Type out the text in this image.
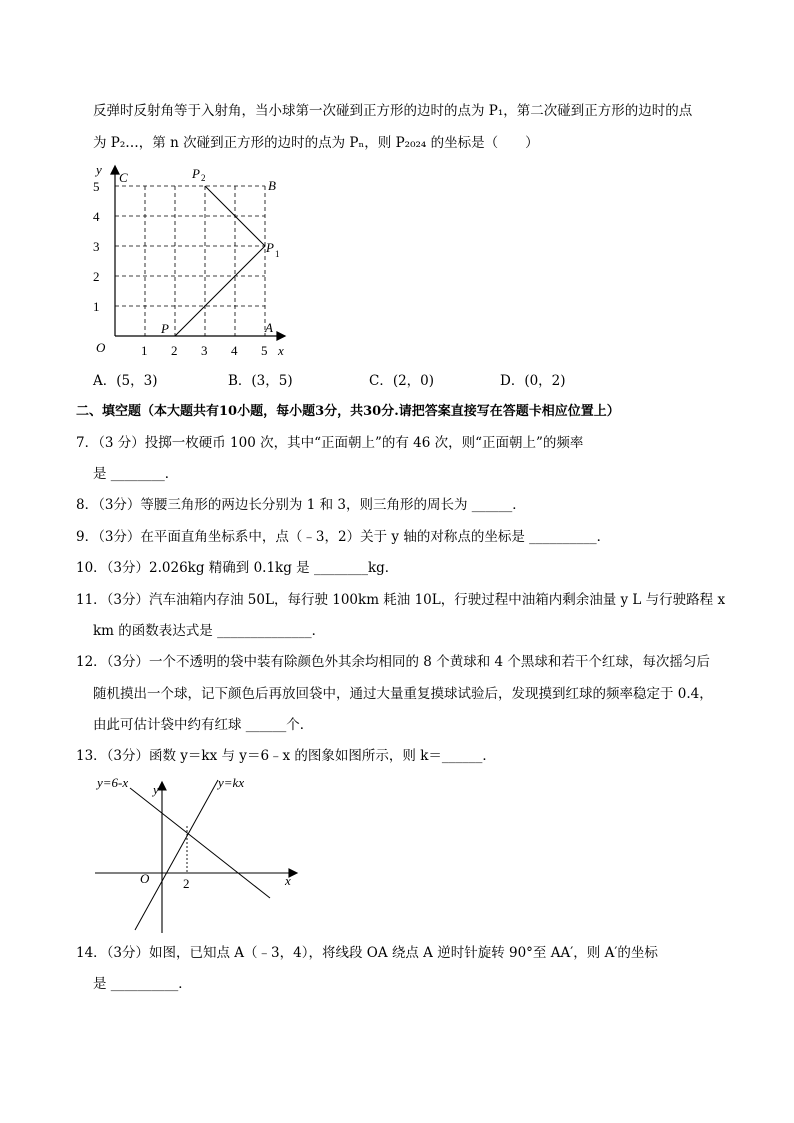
反弹时反射角等于入射角，当小球第一次碰到正方形的边时的点为 P₁，第二次碰到正方形的边时的点
为 P₂…，第 n 次碰到正方形的边时的点为 Pₙ，则 P₂₀₂₄ 的坐标是（　　）
y
x
O
C
B
A
P
P
P
1
2
5
4
3
2
1
1 2 3 4 5
A．(5，3)	B．(3，5)	C．(2，0)	D．(0，2)
二、填空题（本大题共有10小题，每小题3分，共30分.请把答案直接写在答题卡相应位置上）
7．（3 分）投掷一枚硬币 100 次，其中“正面朝上”的有 46 次，则“正面朝上”的频率
是 ________．
8．（3分）等腰三角形的两边长分别为 1 和 3，则三角形的周长为 ______．
9．（3分）在平面直角坐标系中，点（﹣3，2）关于 y 轴的对称点的坐标是 __________．
10．（3分）2.026kg 精确到 0.1kg 是 ________kg．
11．（3分）汽车油箱内存油 50L，每行驶 100km 耗油 10L，行驶过程中油箱内剩余油量 y L 与行驶路程 x
km 的函数表达式是 ______________．
12．（3分）一个不透明的袋中装有除颜色外其余均相同的 8 个黄球和 4 个黑球和若干个红球，每次摇匀后
随机摸出一个球，记下颜色后再放回袋中，通过大量重复摸球试验后，发现摸到红球的频率稳定于 0.4，
由此可估计袋中约有红球 ______个．
13．（3分）函数 y＝kx 与 y＝6﹣x 的图象如图所示，则 k＝______．
y=6-x	y=kx
y
x
O	2
14．（3分）如图，已知点 A（﹣3，4），将线段 OA 绕点 A 逆时针旋转 90°至 AA′，则 A′的坐标
是 __________．
